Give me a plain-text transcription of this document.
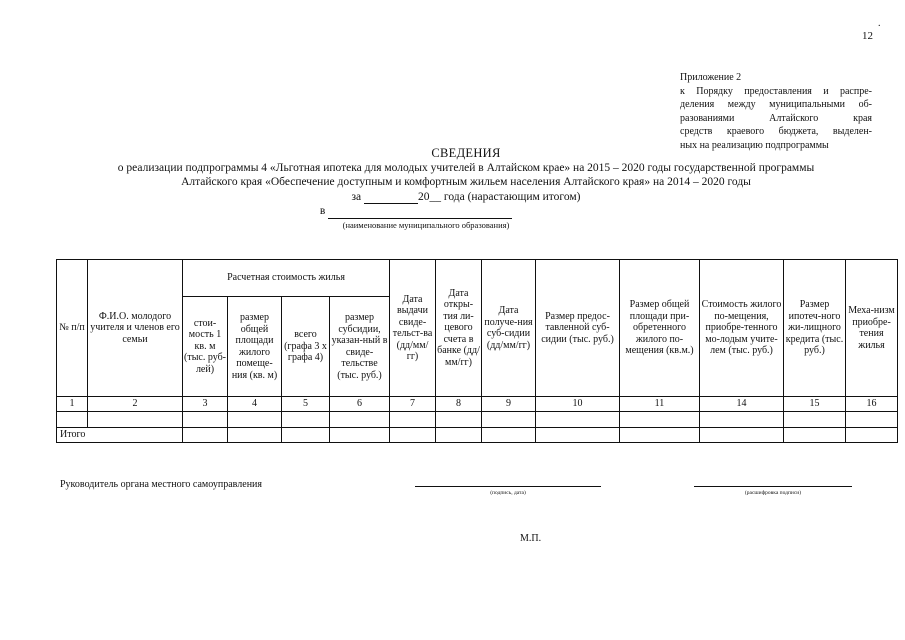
.
12
Приложение 2
к Порядку предоставления и распре-
деления между муниципальными об-
разованиями Алтайского края
средств краевого бюджета, выделен-
ных на реализацию подпрограммы
СВЕДЕНИЯ
о реализации подпрограммы 4 «Льготная ипотека для молодых учителей в Алтайском крае» на 2015 – 2020 годы государственной программы
Алтайского края «Обеспечение доступным и комфортным жильем населения Алтайского края» на 2014 – 2020 годы
за	20__ года (нарастающим итогом)
в
(наименование муниципального образования)
№ п/п	Ф.И.О. молодого учителя и членов его семьи	Расчетная стоимость жилья				Дата выдачи свиде-тельст-ва (дд/мм/гг)	Дата откры-тия ли-цевого счета в банке (дд/мм/гг)	Дата получе-ния суб-сидии (дд/мм/гг)	Размер предос-тавленной суб-сидии (тыс. руб.)	Размер общей площади при-обретенного жилого по-мещения (кв.м.)	Стоимость жилого по-мещения, приобре-тенного мо-лодым учите-лем (тыс. руб.)	Размер ипотеч-ного жи-лищного кредита (тыс. руб.)	Меха-низм приобре-тения жилья
		стои-мость 1 кв. м (тыс. руб-лей)	размер общей площади жилого помеще-ния (кв. м)	всего (графа 3 х графа 4)	размер субсидии, указан-ный в свиде-тельстве (тыс. руб.)								
1	2	3	4	5	6	7	8	9	10	11	14	15	16

Итого													
Руководитель органа местного самоуправления
(подпись, дата)	(расшифровка подписи)
М.П.
